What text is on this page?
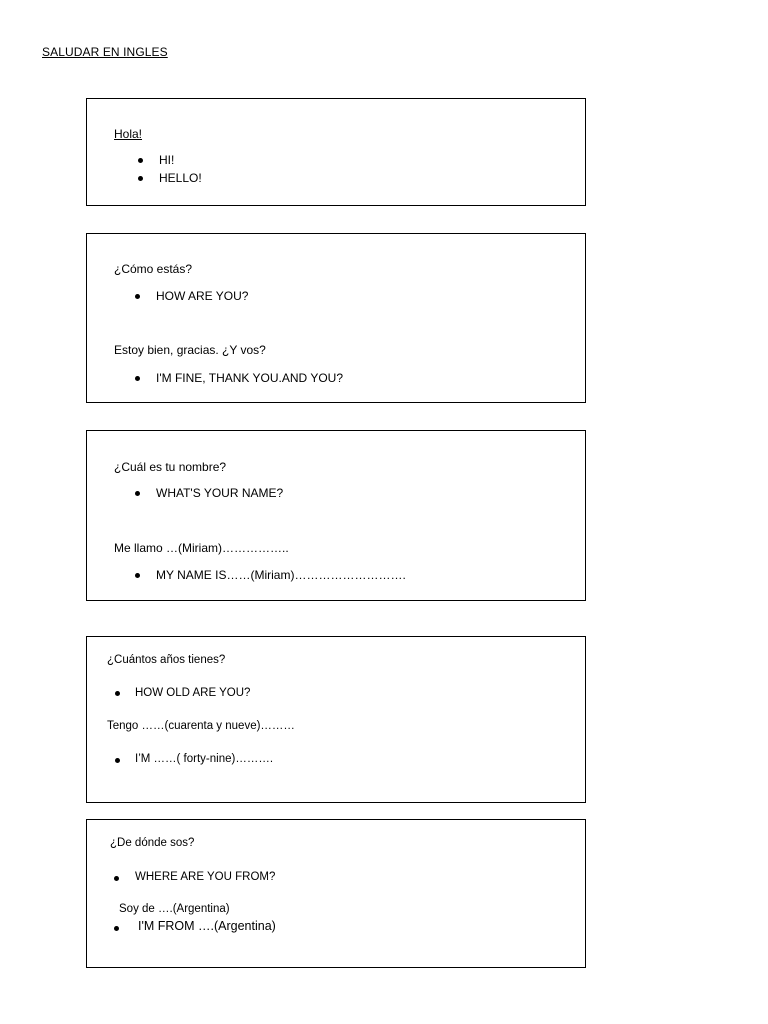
SALUDAR EN INGLES
Hola!
HI!
HELLO!
¿Cómo estás?
HOW ARE YOU?
Estoy bien, gracias. ¿Y vos?
I'M FINE, THANK YOU.AND YOU?
¿Cuál es tu nombre?
WHAT'S YOUR NAME?
Me llamo …(Miriam)……………..
MY NAME IS……(Miriam)……………………….
¿Cuántos años tienes?
HOW OLD ARE YOU?
Tengo ……(cuarenta y nueve)………
I’M ……( forty-nine)……….
¿De dónde sos?
WHERE ARE YOU FROM?
Soy de ….(Argentina)
I'M FROM ….(Argentina)
